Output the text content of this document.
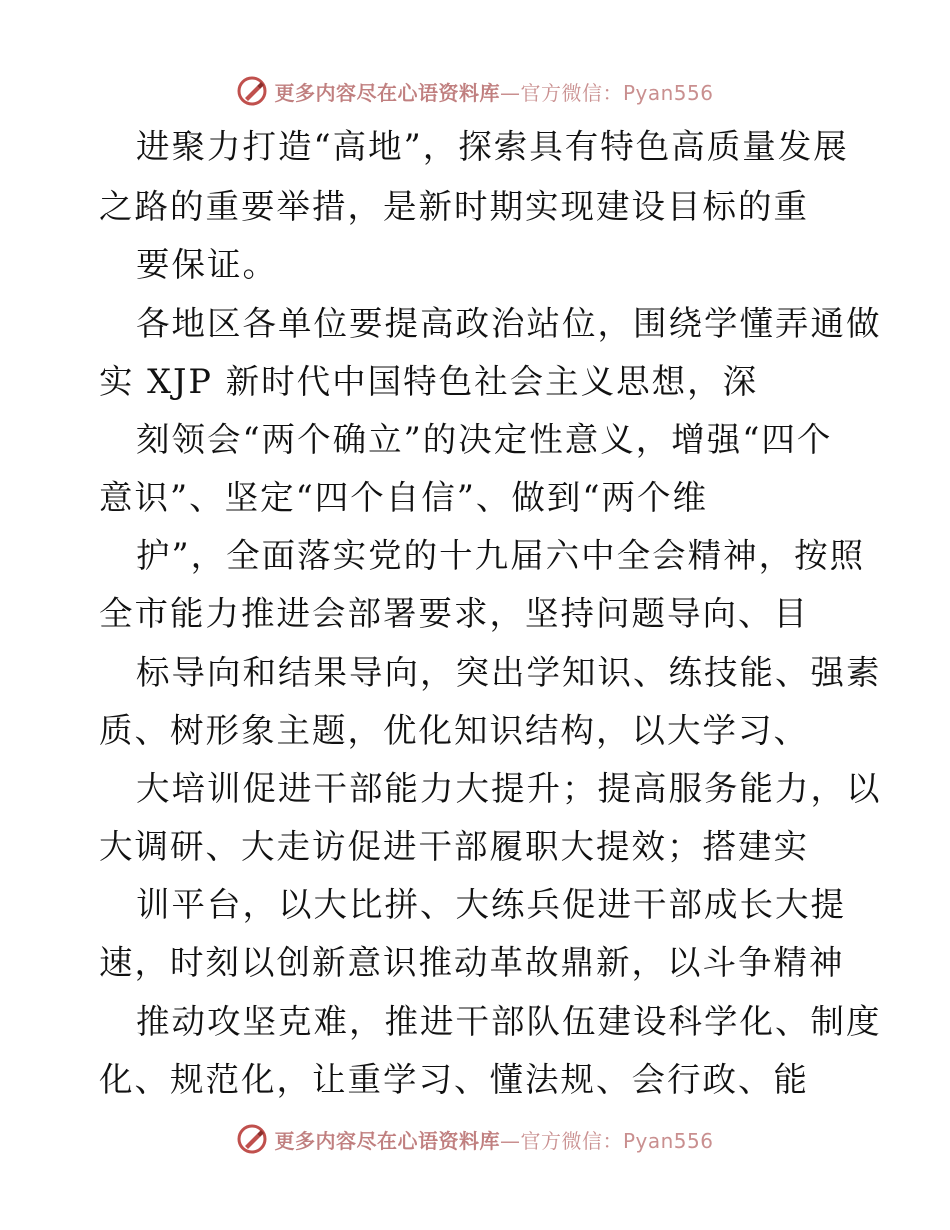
更多内容尽在心语资料库—官方微信：Pyan556
进聚力打造“高地”，探索具有特色高质量发展
之路的重要举措，是新时期实现建设目标的重
要保证。
各地区各单位要提高政治站位，围绕学懂弄通做
实 XJP 新时代中国特色社会主义思想，深
刻领会“两个确立”的决定性意义，增强“四个
意识”、坚定“四个自信”、做到“两个维
护”，全面落实党的十九届六中全会精神，按照
全市能力推进会部署要求，坚持问题导向、目
标导向和结果导向，突出学知识、练技能、强素
质、树形象主题，优化知识结构，以大学习、
大培训促进干部能力大提升；提高服务能力，以
大调研、大走访促进干部履职大提效；搭建实
训平台，以大比拼、大练兵促进干部成长大提
速，时刻以创新意识推动革故鼎新，以斗争精神
推动攻坚克难，推进干部队伍建设科学化、制度
化、规范化，让重学习、懂法规、会行政、能
更多内容尽在心语资料库—官方微信：Pyan556
